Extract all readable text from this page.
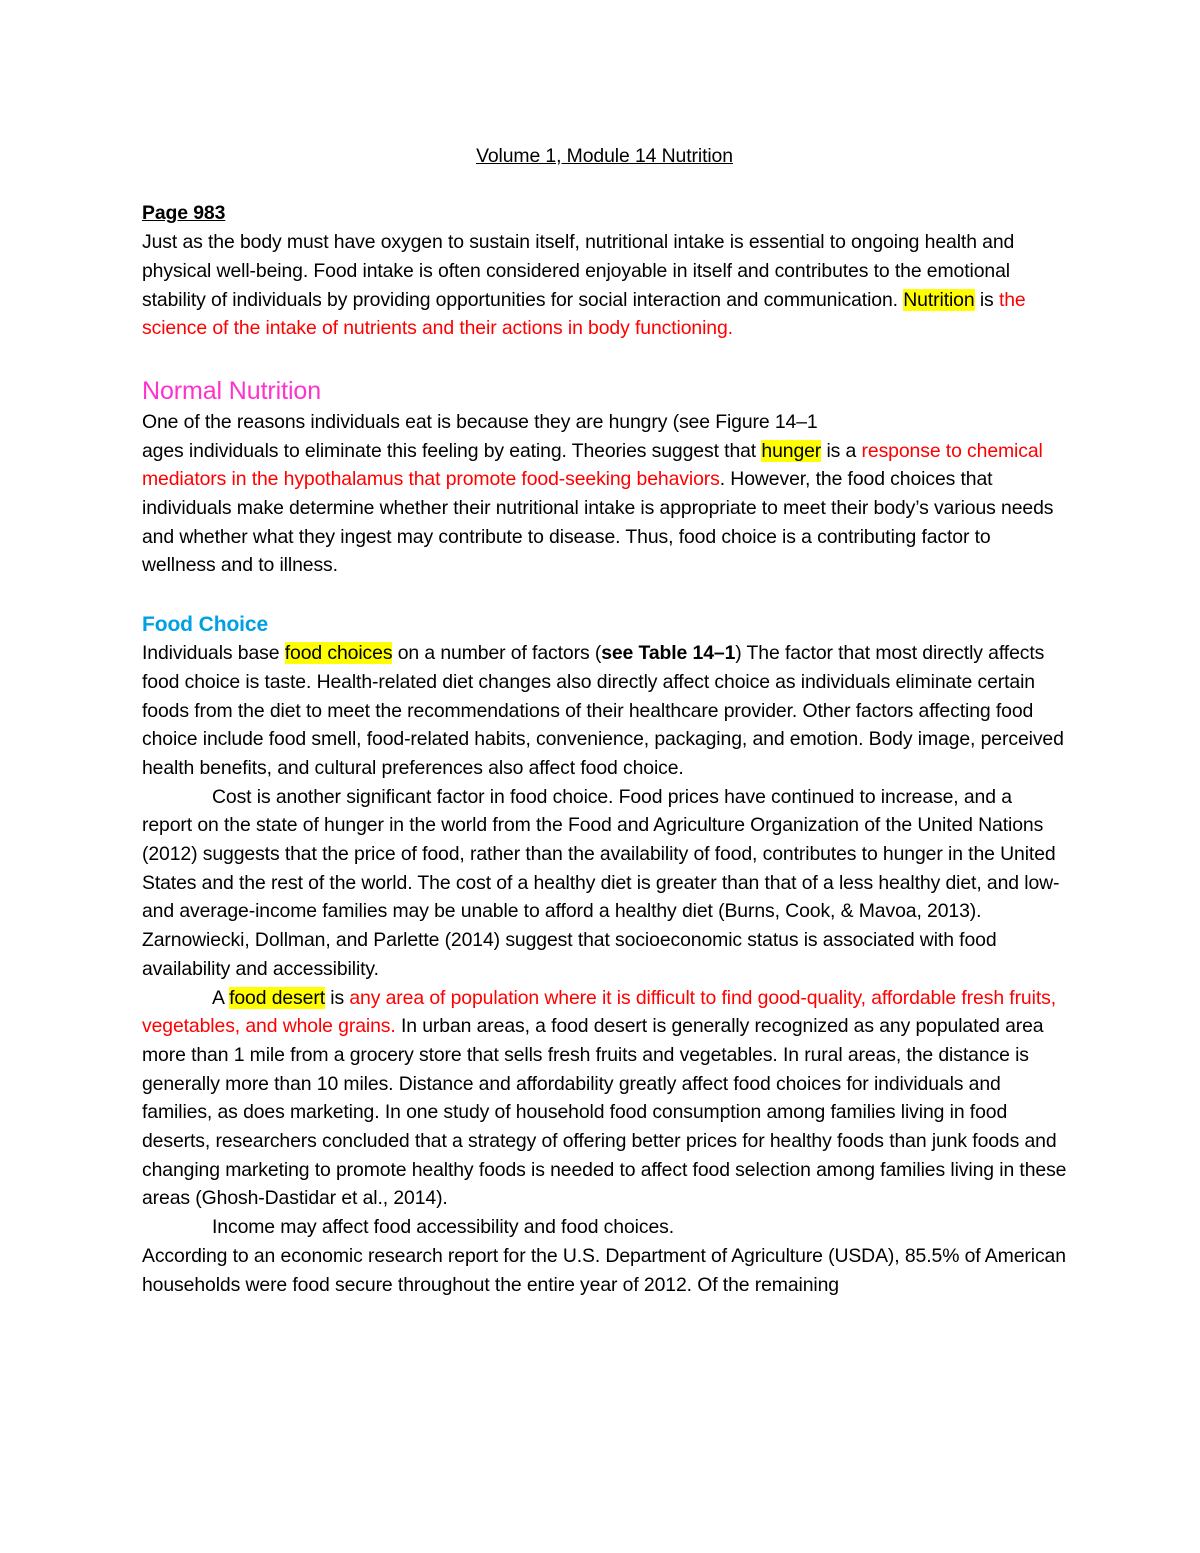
Volume 1, Module 14 Nutrition
Page 983

Just as the body must have oxygen to sustain itself, nutritional intake is essential to ongoing health and physical well-being. Food intake is often considered enjoyable in itself and contributes to the emotional stability of individuals by providing opportunities for social interaction and communication. Nutrition is the science of the intake of nutrients and their actions in body functioning.

Normal Nutrition

One of the reasons individuals eat is because they are hungry (see Figure 14–1
ages individuals to eliminate this feeling by eating. Theories suggest that hunger is a response to chemical mediators in the hypothalamus that promote food-seeking behaviors. However, the food choices that individuals make determine whether their nutritional intake is appropriate to meet their body’s various needs and whether what they ingest may contribute to disease. Thus, food choice is a contributing factor to wellness and to illness.

Food Choice

Individuals base food choices on a number of factors (see Table 14–1) The factor that most directly affects food choice is taste. Health-related diet changes also directly affect choice as individuals eliminate certain foods from the diet to meet the recommendations of their healthcare provider. Other factors affecting food choice include food smell, food-related habits, convenience, packaging, and emotion. Body image, perceived health benefits, and cultural preferences also affect food choice.

Cost is another significant factor in food choice. Food prices have continued to increase, and a report on the state of hunger in the world from the Food and Agriculture Organization of the United Nations (2012) suggests that the price of food, rather than the availability of food, contributes to hunger in the United States and the rest of the world. The cost of a healthy diet is greater than that of a less healthy diet, and low-and average-income families may be unable to afford a healthy diet (Burns, Cook, & Mavoa, 2013). Zarnowiecki, Dollman, and Parlette (2014) suggest that socioeconomic status is associated with food availability and accessibility.

A food desert is any area of population where it is difficult to find good-quality, affordable fresh fruits, vegetables, and whole grains. In urban areas, a food desert is generally recognized as any populated area more than 1 mile from a grocery store that sells fresh fruits and vegetables. In rural areas, the distance is generally more than 10 miles. Distance and affordability greatly affect food choices for individuals and families, as does marketing. In one study of household food consumption among families living in food deserts, researchers concluded that a strategy of offering better prices for healthy foods than junk foods and changing marketing to promote healthy foods is needed to affect food selection among families living in these areas (Ghosh-Dastidar et al., 2014).

Income may affect food accessibility and food choices.

According to an economic research report for the U.S. Department of Agriculture (USDA), 85.5% of American households were food secure throughout the entire year of 2012. Of the remaining
